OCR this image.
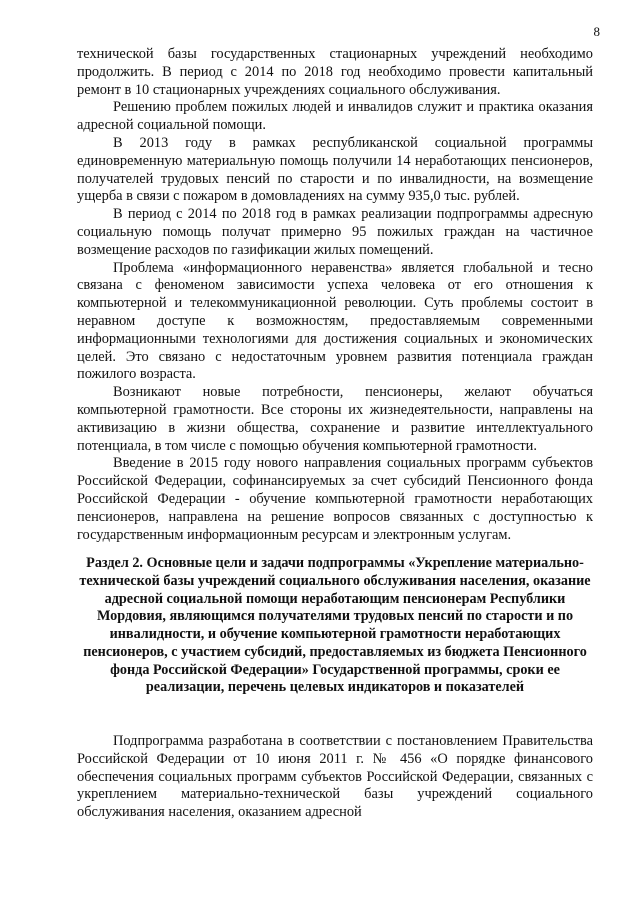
8

технической базы государственных стационарных учреждений необходимо продолжить. В период с 2014 по 2018 год необходимо провести капитальный ремонт в 10 стационарных учреждениях социального обслуживания.

Решению проблем пожилых людей и инвалидов служит и практика оказания адресной социальной помощи.

В 2013 году в рамках республиканской социальной программы единовременную материальную помощь получили 14 неработающих пенсионеров, получателей трудовых пенсий по старости и по инвалидности, на возмещение ущерба в связи с пожаром в домовладениях на сумму 935,0 тыс. рублей.

В период с 2014 по 2018 год в рамках реализации подпрограммы адресную социальную помощь получат примерно 95 пожилых граждан на частичное возмещение расходов по газификации жилых помещений.

Проблема «информационного неравенства» является глобальной и тесно связана с феноменом зависимости успеха человека от его отношения к компьютерной и телекоммуникационной революции. Суть проблемы состоит в неравном доступе к возможностям, предоставляемым современными информационными технологиями для достижения социальных и экономических целей. Это связано с недостаточным уровнем развития потенциала граждан пожилого возраста.

Возникают новые потребности, пенсионеры, желают обучаться компьютерной грамотности. Все стороны их жизнедеятельности, направлены на активизацию в жизни общества, сохранение и развитие интеллектуального потенциала, в том числе с помощью обучения компьютерной грамотности.

Введение в 2015 году нового направления социальных программ субъектов Российской Федерации, софинансируемых за счет субсидий Пенсионного фонда Российской Федерации - обучение компьютерной грамотности неработающих пенсионеров, направлена на решение вопросов связанных с доступностью к государственным информационным ресурсам и электронным услугам.

Раздел 2. Основные цели и задачи подпрограммы «Укрепление материально-технической базы учреждений социального обслуживания населения, оказание адресной социальной помощи неработающим пенсионерам Республики Мордовия, являющимся получателями трудовых пенсий по старости и по инвалидности, и обучение компьютерной грамотности неработающих пенсионеров, с участием субсидий, предоставляемых из бюджета Пенсионного фонда Российской Федерации» Государственной программы, сроки ее реализации, перечень целевых индикаторов и показателей

Подпрограмма разработана в соответствии с постановлением Правительства Российской Федерации от 10 июня 2011 г. № 456 «О порядке финансового обеспечения социальных программ субъектов Российской Федерации, связанных с укреплением материально-технической базы учреждений социального обслуживания населения, оказанием адресной
